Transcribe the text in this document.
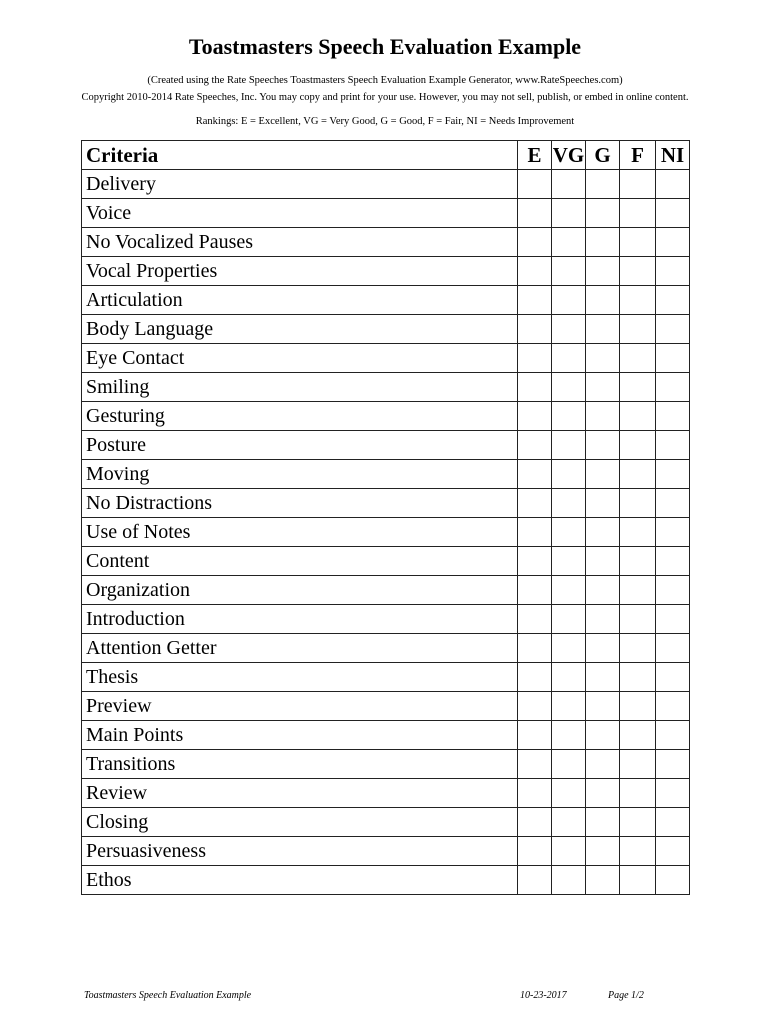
Toastmasters Speech Evaluation Example
(Created using the Rate Speeches Toastmasters Speech Evaluation Example Generator, www.RateSpeeches.com)
Copyright 2010-2014 Rate Speeches, Inc. You may copy and print for your use. However, you may not sell, publish, or embed in online content.
Rankings: E = Excellent, VG = Very Good, G = Good, F = Fair, NI = Needs Improvement
Criteria	E	VG	G	F	NI
Delivery					
Voice					
No Vocalized Pauses					
Vocal Properties					
Articulation					
Body Language					
Eye Contact					
Smiling					
Gesturing					
Posture					
Moving					
No Distractions					
Use of Notes					
Content					
Organization					
Introduction					
Attention Getter					
Thesis					
Preview					
Main Points					
Transitions					
Review					
Closing					
Persuasiveness					
Ethos					
Toastmasters Speech Evaluation Example	10-23-2017	Page 1/2
